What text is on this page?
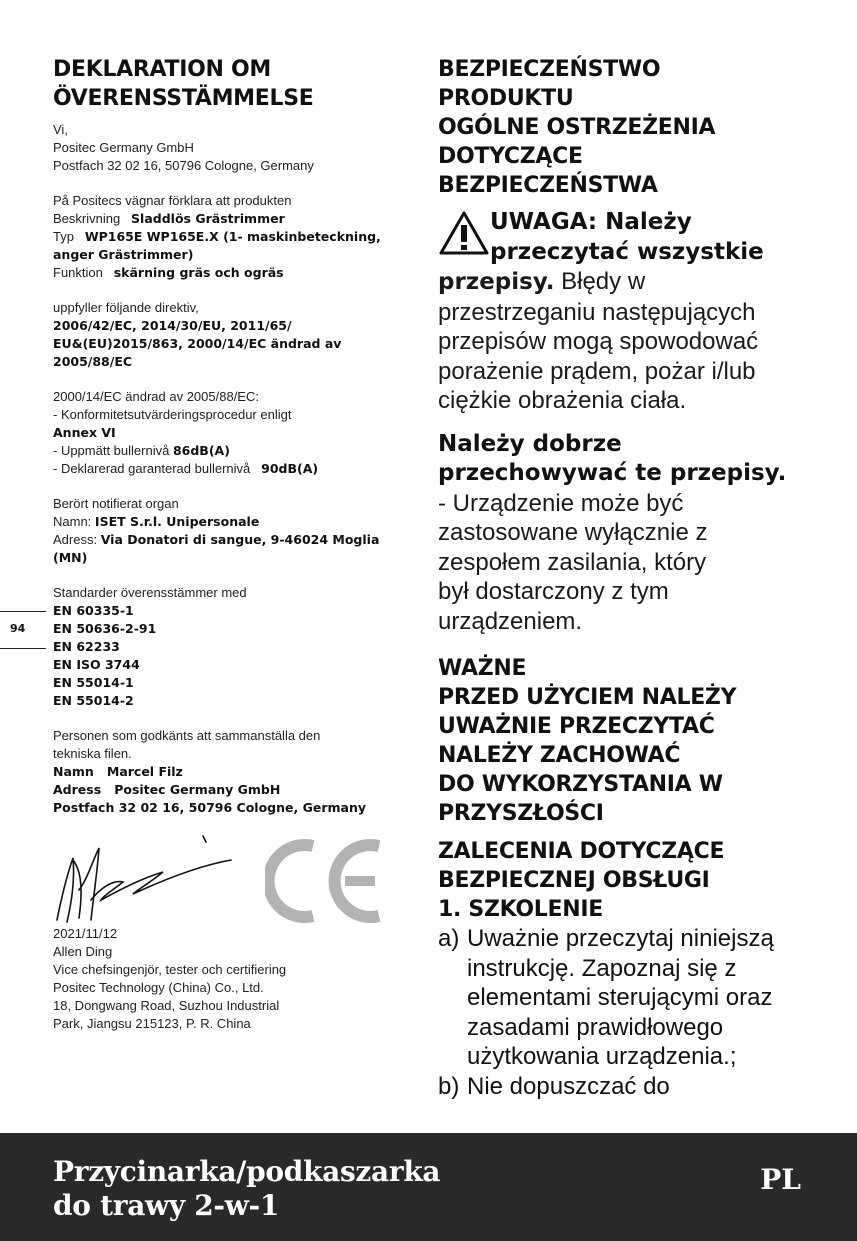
DEKLARATION OM
ÖVERENSSTÄMMELSE

Vi,
Positec Germany GmbH
Postfach 32 02 16, 50796 Cologne, Germany

På Positecs vägnar förklara att produkten
Beskrivning Sladdlös Grästrimmer
Typ WP165E WP165E.X (1- maskinbeteckning, anger Grästrimmer)
Funktion skärning gräs och ogräs

uppfyller följande direktiv,
2006/42/EC, 2014/30/EU, 2011/65/
EU&(EU)2015/863, 2000/14/EC ändrad av
2005/88/EC

2000/14/EC ändrad av 2005/88/EC:
- Konformitetsutvärderingsprocedur enligt
Annex VI
- Uppmätt bullernivå 86dB(A)
- Deklarerad garanterad bullernivå 90dB(A)

Berört notifierat organ
Namn: ISET S.r.l. Unipersonale
Adress: Via Donatori di sangue, 9-46024 Moglia (MN)

Standarder överensstämmer med
EN 60335-1
EN 50636-2-91
EN 62233
EN ISO 3744
EN 55014-1
EN 55014-2

Personen som godkänts att sammanställa den
tekniska filen.
Namn   Marcel Filz
Adress   Positec Germany GmbH
Postfach 32 02 16, 50796 Cologne, Germany

94
2021/11/12
Allen Ding
Vice chefsingenjör, tester och certifiering
Positec Technology (China) Co., Ltd.
18, Dongwang Road, Suzhou Industrial
Park, Jiangsu 215123, P. R. China
BEZPIECZEŃSTWO
PRODUKTU
OGÓLNE OSTRZEŻENIA
DOTYCZĄCE
BEZPIECZEŃSTWA
UWAGA: Należy
przeczytać wszystkie
przepisy. Błędy w
przestrzeganiu następujących
przepisów mogą spowodować
porażenie prądem, pożar i/lub
ciężkie obrażenia ciała.
Należy dobrze
przechowywać te przepisy.
- Urządzenie może być
zastosowane wyłącznie z
zespołem zasilania, który
był dostarczony z tym
urządzeniem.
WAŻNE
PRZED UŻYCIEM NALEŻY
UWAŻNIE PRZECZYTAĆ
NALEŻY ZACHOWAĆ
DO WYKORZYSTANIA W
PRZYSZŁOŚCI
ZALECENIA DOTYCZĄCE
BEZPIECZNEJ OBSŁUGI
1. SZKOLENIE
a) Uważnie przeczytaj niniejszą
instrukcję. Zapoznaj się z
elementami sterującymi oraz
zasadami prawidłowego
użytkowania urządzenia.;
b) Nie dopuszczać do
Przycinarka/podkaszarka
do trawy 2-w-1
PL
